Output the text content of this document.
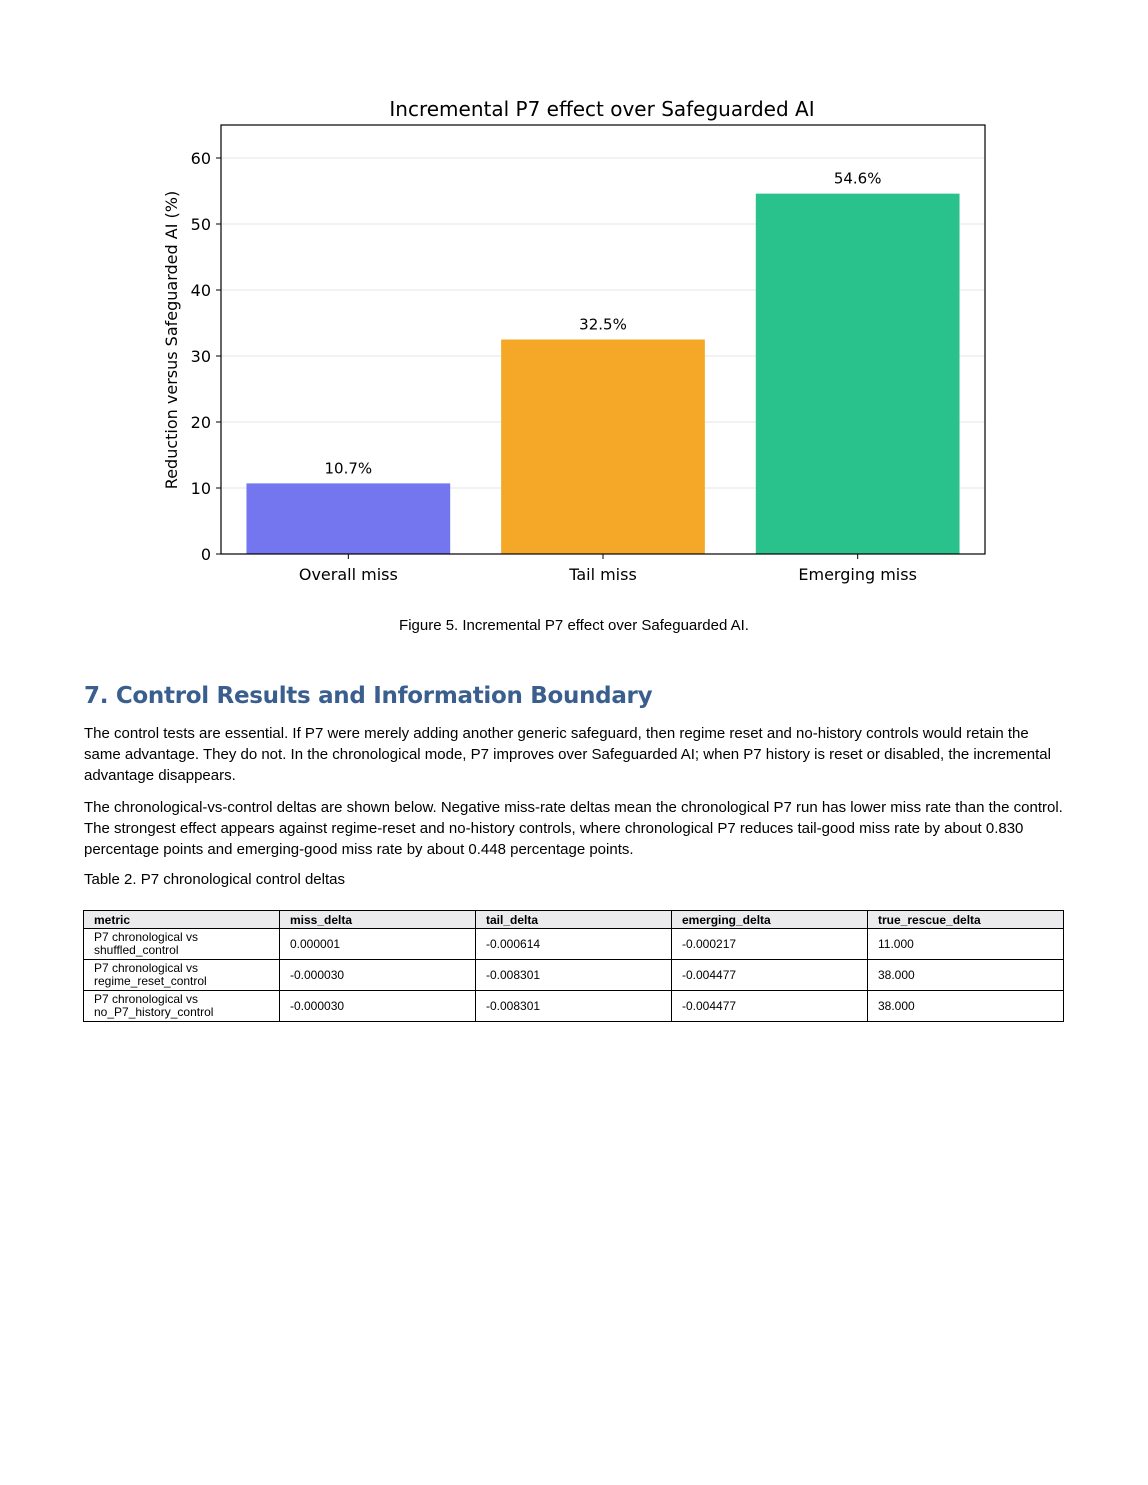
Incremental P7 effect over Safeguarded AI
10.7%
32.5%
54.6%
0
10
20
30
40
50
60
Overall miss	Tail miss	Emerging miss
Reduction versus Safeguarded AI (%)
Figure 5. Incremental P7 effect over Safeguarded AI.
7. Control Results and Information Boundary

The control tests are essential. If P7 were merely adding another generic safeguard, then regime reset and no-history controls would retain the same advantage. They do not. In the chronological mode, P7 improves over Safeguarded AI; when P7 history is reset or disabled, the incremental advantage disappears.

The chronological-vs-control deltas are shown below. Negative miss-rate deltas mean the chronological P7 run has lower miss rate than the control. The strongest effect appears against regime-reset and no-history controls, where chronological P7 reduces tail-good miss rate by about 0.830 percentage points and emerging-good miss rate by about 0.448 percentage points.

Table 2. P7 chronological control deltas

metric	miss_delta	tail_delta	emerging_delta	true_rescue_delta
P7 chronological vs shuffled_control	0.000001	-0.000614	-0.000217	11.000
P7 chronological vs regime_reset_control	-0.000030	-0.008301	-0.004477	38.000
P7 chronological vs no_P7_history_control	-0.000030	-0.008301	-0.004477	38.000
